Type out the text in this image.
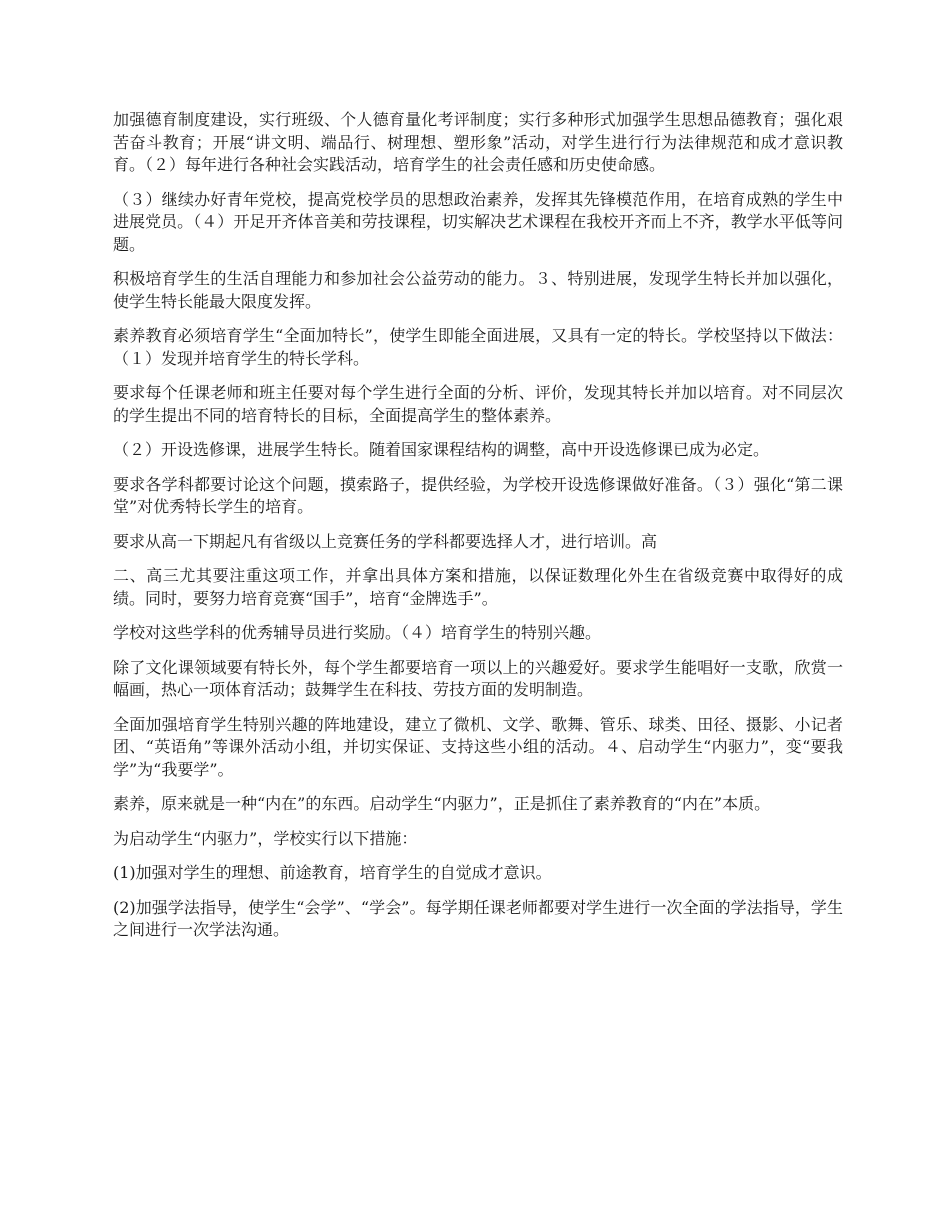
加强德育制度建设，实行班级、个人德育量化考评制度；实行多种形式加强学生思想品德教育；强化艰苦奋斗教育；开展“讲文明、端品行、树理想、塑形象”活动，对学生进行行为法律规范和成才意识教育。（２）每年进行各种社会实践活动，培育学生的社会责任感和历史使命感。

（３）继续办好青年党校，提高党校学员的思想政治素养，发挥其先锋模范作用，在培育成熟的学生中进展党员。（４）开足开齐体音美和劳技课程，切实解决艺术课程在我校开齐而上不齐，教学水平低等问题。

积极培育学生的生活自理能力和参加社会公益劳动的能力。３、特别进展，发现学生特长并加以强化，使学生特长能最大限度发挥。

素养教育必须培育学生“全面加特长”，使学生即能全面进展，又具有一定的特长。学校坚持以下做法：（１）发现并培育学生的特长学科。

要求每个任课老师和班主任要对每个学生进行全面的分析、评价，发现其特长并加以培育。对不同层次的学生提出不同的培育特长的目标，全面提高学生的整体素养。

（２）开设选修课，进展学生特长。随着国家课程结构的调整，高中开设选修课已成为必定。

要求各学科都要讨论这个问题，摸索路子，提供经验，为学校开设选修课做好准备。（３）强化“第二课堂”对优秀特长学生的培育。

要求从高一下期起凡有省级以上竞赛任务的学科都要选择人才，进行培训。高

二、高三尤其要注重这项工作，并拿出具体方案和措施，以保证数理化外生在省级竞赛中取得好的成绩。同时，要努力培育竞赛“国手”，培育“金牌选手”。

学校对这些学科的优秀辅导员进行奖励。（４）培育学生的特别兴趣。

除了文化课领域要有特长外，每个学生都要培育一项以上的兴趣爱好。要求学生能唱好一支歌，欣赏一幅画，热心一项体育活动；鼓舞学生在科技、劳技方面的发明制造。

全面加强培育学生特别兴趣的阵地建设，建立了微机、文学、歌舞、管乐、球类、田径、摄影、小记者团、“英语角”等课外活动小组，并切实保证、支持这些小组的活动。４、启动学生“内驱力”，变“要我学”为“我要学”。

素养，原来就是一种“内在”的东西。启动学生“内驱力”，正是抓住了素养教育的“内在”本质。

为启动学生“内驱力”，学校实行以下措施：

(1)加强对学生的理想、前途教育，培育学生的自觉成才意识。

(2)加强学法指导，使学生“会学”、“学会”。每学期任课老师都要对学生进行一次全面的学法指导，学生之间进行一次学法沟通。
